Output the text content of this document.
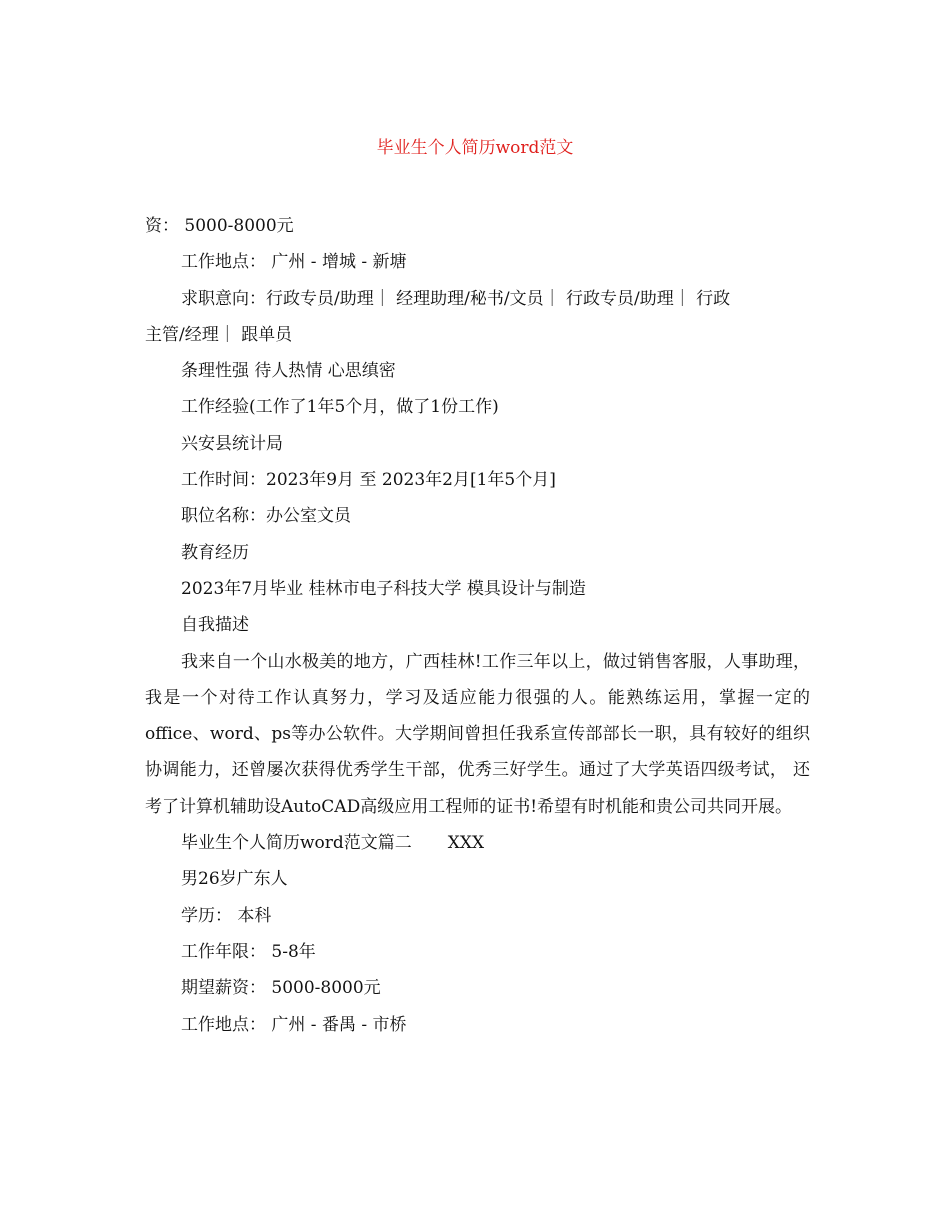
毕业生个人简历word范文

资： 5000-8000元

工作地点： 广州 - 增城 - 新塘

求职意向：行政专员/助理｜ 经理助理/秘书/文员｜ 行政专员/助理｜ 行政

主管/经理｜ 跟单员

条理性强 待人热情 心思缜密

工作经验(工作了1年5个月，做了1份工作)

兴安县统计局

工作时间：2023年9月 至 2023年2月[1年5个月]

职位名称：办公室文员

教育经历

2023年7月毕业 桂林市电子科技大学 模具设计与制造

自我描述

我来自一个山水极美的地方，广西桂林!工作三年以上，做过销售客服，人事助理，我是一个对待工作认真努力，学习及适应能力很强的人。能熟练运用，掌握一定的office、word、ps等办公软件。大学期间曾担任我系宣传部部长一职，具有较好的组织协调能力，还曾屡次获得优秀学生干部，优秀三好学生。通过了大学英语四级考试， 还考了计算机辅助设AutoCAD高级应用工程师的证书!希望有时机能和贵公司共同开展。

毕业生个人简历word范文篇二 XXX

男26岁广东人

学历： 本科

工作年限： 5-8年

期望薪资： 5000-8000元

工作地点： 广州 - 番禺 - 市桥
